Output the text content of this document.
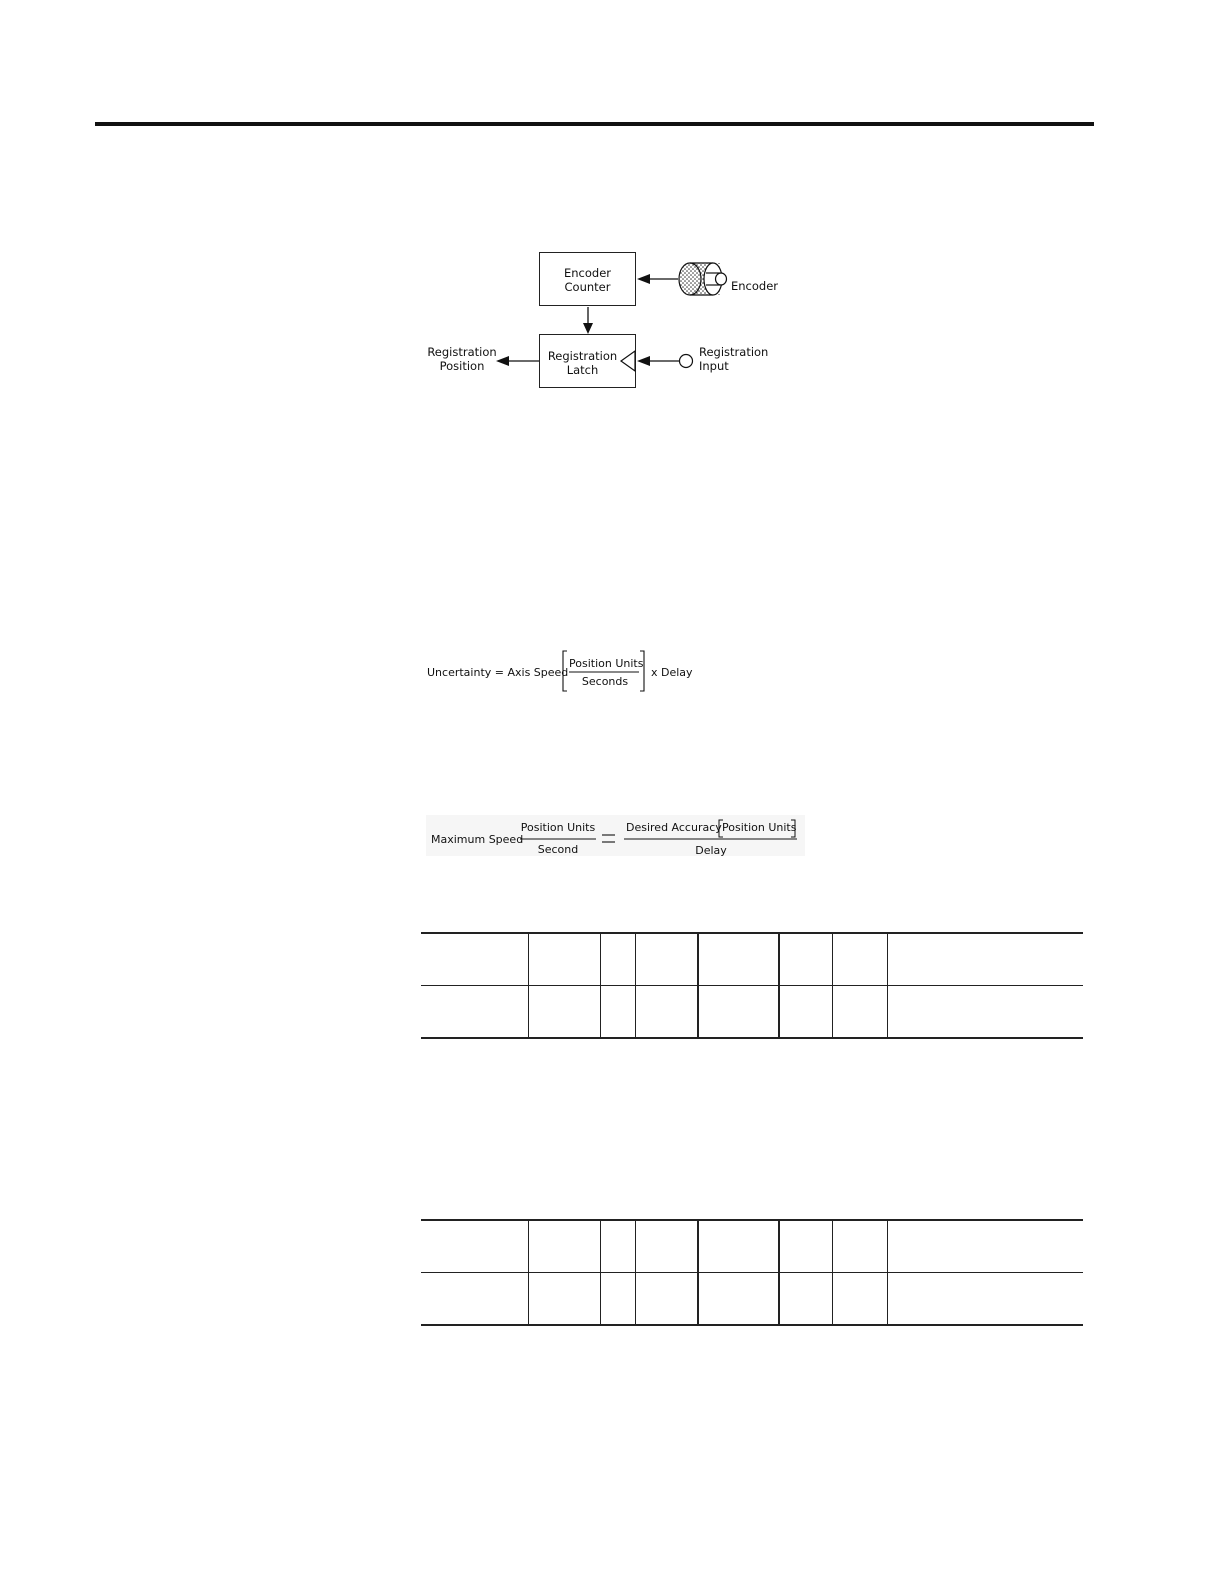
Encoder
Counter
Registration
Latch
Encoder
Registration
Position
Registration
Input
Uncertainty = Axis Speed
Position Units
Seconds
x Delay
Maximum Speed
Position Units
Second
Desired Accuracy Position Units
Delay
